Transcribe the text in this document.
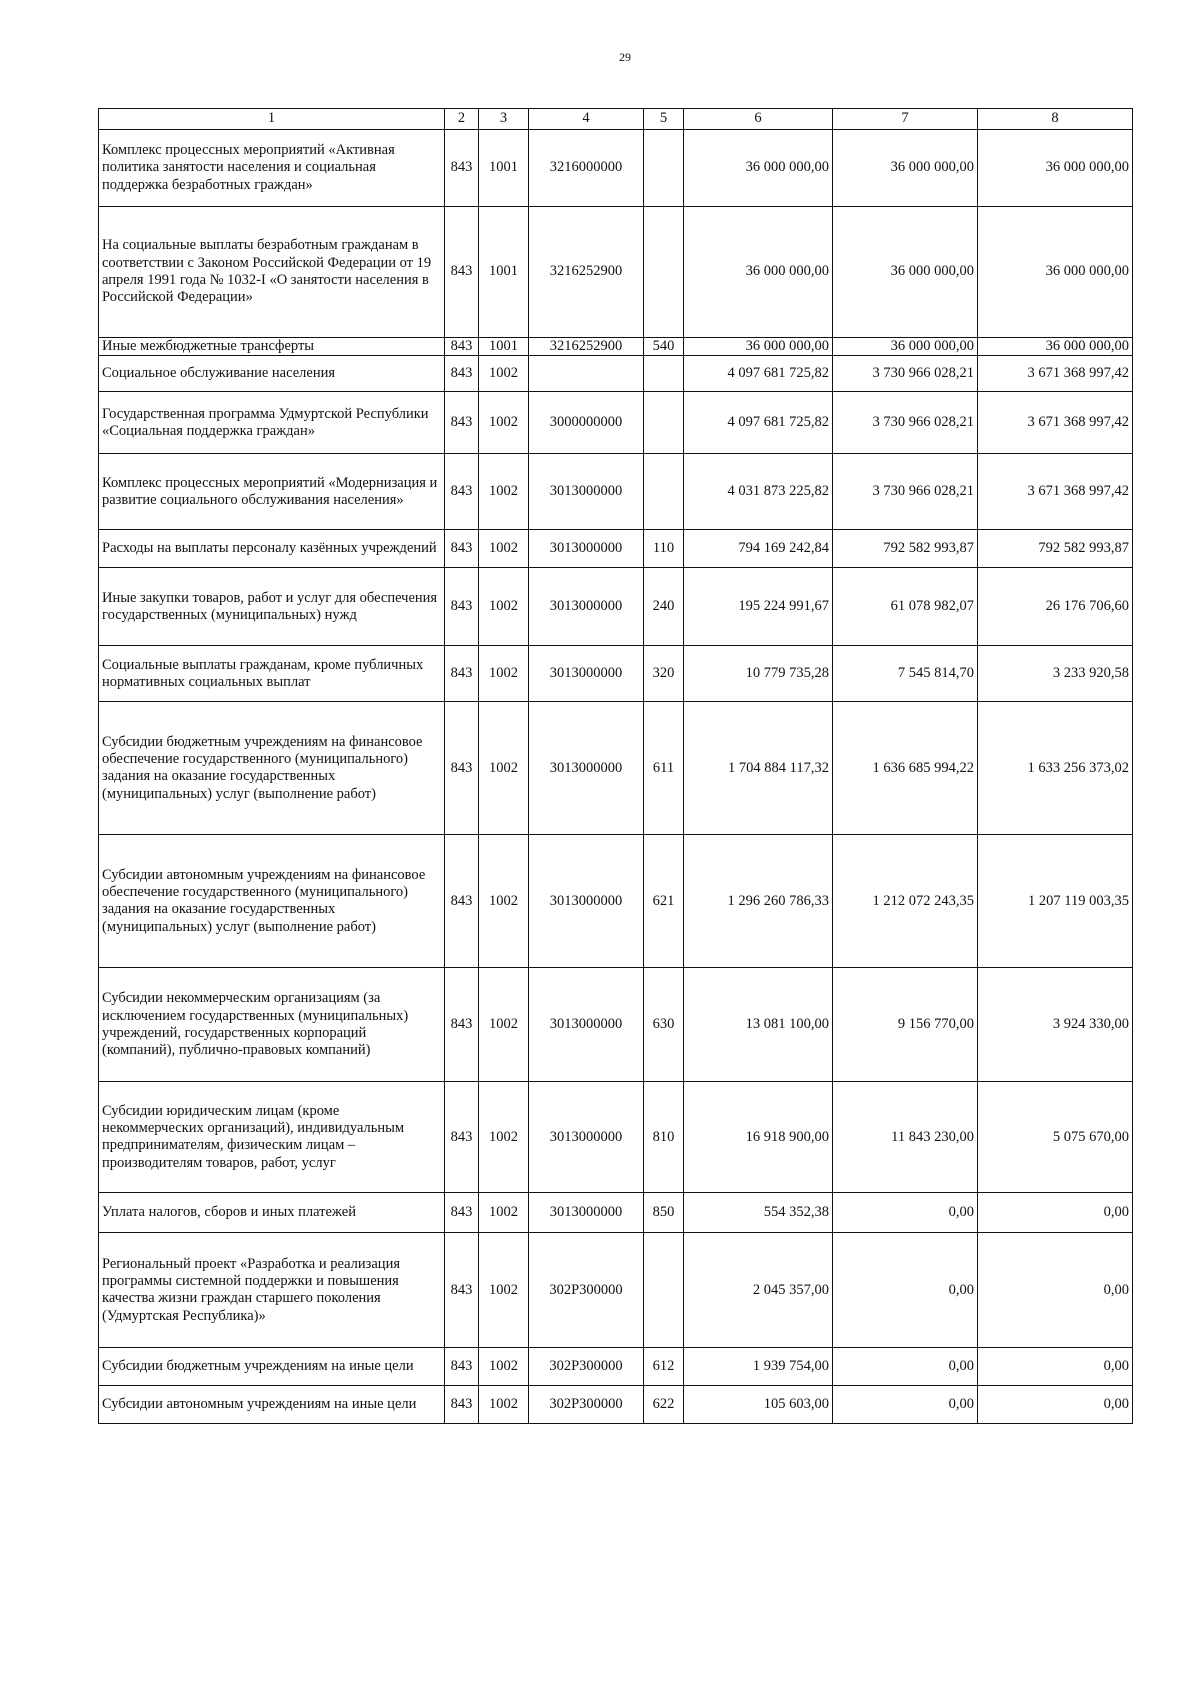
29
1	2	3	4	5	6	7	8
Комплекс процессных мероприятий «Активная политика занятости населения и социальная поддержка безработных граждан»	843	1001	3216000000		36 000 000,00	36 000 000,00	36 000 000,00
На социальные выплаты безработным гражданам в соответствии с Законом Российской Федерации от 19 апреля 1991 года № 1032-I «О занятости населения в Российской Федерации»	843	1001	3216252900		36 000 000,00	36 000 000,00	36 000 000,00
Иные межбюджетные трансферты	843	1001	3216252900	540	36 000 000,00	36 000 000,00	36 000 000,00
Социальное обслуживание населения	843	1002			4 097 681 725,82	3 730 966 028,21	3 671 368 997,42
Государственная программа Удмуртской Республики «Социальная поддержка граждан»	843	1002	3000000000		4 097 681 725,82	3 730 966 028,21	3 671 368 997,42
Комплекс процессных мероприятий «Модернизация и развитие социального обслуживания населения»	843	1002	3013000000		4 031 873 225,82	3 730 966 028,21	3 671 368 997,42
Расходы на выплаты персоналу казённых учреждений	843	1002	3013000000	110	794 169 242,84	792 582 993,87	792 582 993,87
Иные закупки товаров, работ и услуг для обеспечения государственных (муниципальных) нужд	843	1002	3013000000	240	195 224 991,67	61 078 982,07	26 176 706,60
Социальные выплаты гражданам, кроме публичных нормативных социальных выплат	843	1002	3013000000	320	10 779 735,28	7 545 814,70	3 233 920,58
Субсидии бюджетным учреждениям на финансовое обеспечение государственного (муниципального) задания на оказание государственных (муниципальных) услуг (выполнение работ)	843	1002	3013000000	611	1 704 884 117,32	1 636 685 994,22	1 633 256 373,02
Субсидии автономным учреждениям на финансовое обеспечение государственного (муниципального) задания на оказание государственных (муниципальных) услуг (выполнение работ)	843	1002	3013000000	621	1 296 260 786,33	1 212 072 243,35	1 207 119 003,35
Субсидии некоммерческим организациям (за исключением государственных (муниципальных) учреждений, государственных корпораций (компаний), публично-правовых компаний)	843	1002	3013000000	630	13 081 100,00	9 156 770,00	3 924 330,00
Субсидии юридическим лицам (кроме некоммерческих организаций), индивидуальным предпринимателям, физическим лицам – производителям товаров, работ, услуг	843	1002	3013000000	810	16 918 900,00	11 843 230,00	5 075 670,00
Уплата налогов, сборов и иных платежей	843	1002	3013000000	850	554 352,38	0,00	0,00
Региональный проект «Разработка и реализация программы системной поддержки и повышения качества жизни граждан старшего поколения (Удмуртская Республика)»	843	1002	302P300000		2 045 357,00	0,00	0,00
Субсидии бюджетным учреждениям на иные цели	843	1002	302P300000	612	1 939 754,00	0,00	0,00
Субсидии автономным учреждениям на иные цели	843	1002	302P300000	622	105 603,00	0,00	0,00
